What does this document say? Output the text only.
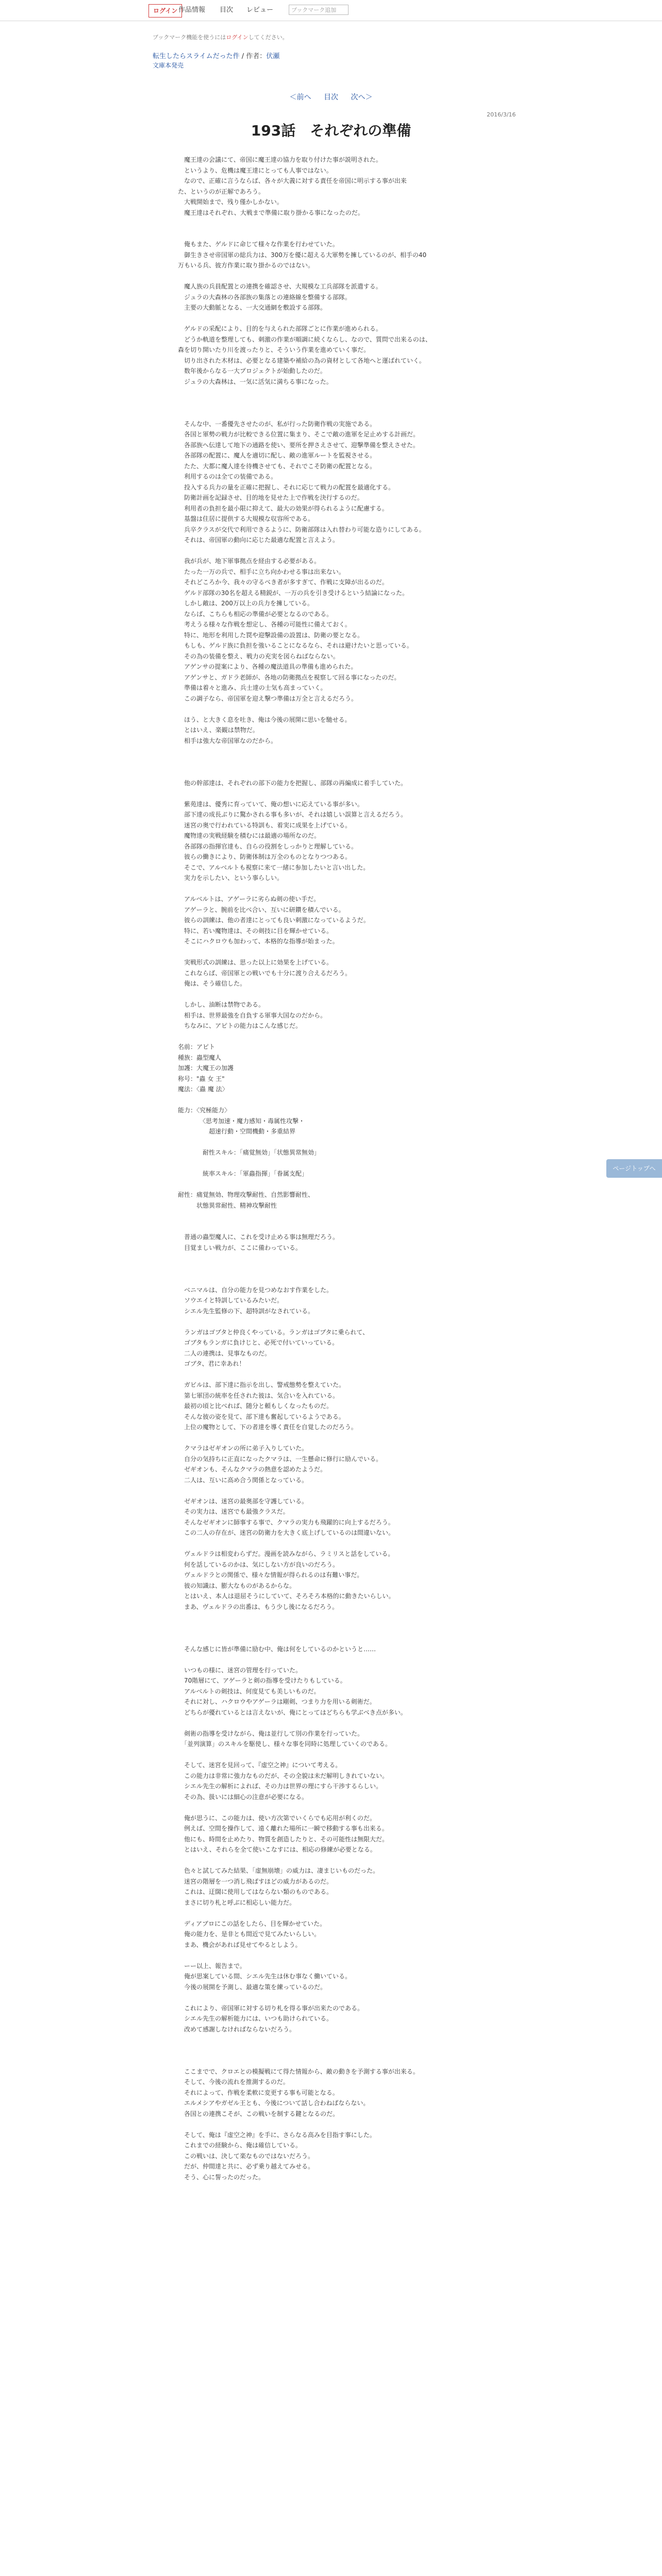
ログイン 作品情報 目次 レビュー	ブックマーク追加
ブックマーク機能を使うにはログインしてください。
転生したらスライムだった件 / 作者：伏瀬
文庫本発売
＜前へ 目次 次へ＞
2016/3/16
193話　それぞれの準備

　魔王達の会議にて、帝国に魔王達の協力を取り付けた事が説明された。

　というより、危機は魔王達にとっても人事ではない。

　なので、正確に言うならば、各々が大義に対する責任を帝国に明示する事が出来

た、というのが正解であろう。

　大戦開始まで、残り僅かしかない。

　魔王達はそれぞれ、大戦まで準備に取り掛かる事になったのだ。

　俺もまた、ゲルドに命じて様々な作業を行わせていた。

　御生きさせ帝国軍の総兵力は、300万を優に超える大軍勢を擁しているのが、相手の40

万もいる兵、彼方作業に取り掛かるのではない。

　魔人族の兵員配置との連携を確認させ、大規模な工兵部隊を派遣する。

　ジュラの大森林の各部族の集落との連絡線を整備する部隊。

　主要の大動脈となる、一大交通網を敷設する部隊。

　ゲルドの采配により、目的を与えられた部隊ごとに作業が進められる。

　どうか軌道を整理しても、刺激の作業が順調に続くならし、なので、質問で出来るのは、

森を切り開いたり川を渡ったりと、そういう作業を進めていく事だ。

　切り出された木材は、必要となる建築や補給の為の資材として各地へと運ばれていく。

　数年後からなる一大プロジェクトが始動したのだ。

　ジュラの大森林は、一気に活気に満ちる事になった。

　そんな中、一番優先させたのが、私が行った防衛作戦の実施である。

　各国と軍勢の戦力が比較できる位置に集まり、そこで敵の進軍を足止めする計画だ。

　各部族へ伝達して地下の通路を使い、要所を押さえさせて、迎撃準備を整えさせた。

　各部隊の配置に、魔人を適切に配し、敵の進軍ルートを監視させる。

　たた、大都に魔人達を待機させても、それでこそ防衛の配置となる。

　利用するのは全ての装備である。

　投入する兵力の量を正確に把握し、それに応じて戦力の配置を最適化する。

　防衛計画を記録させ、目的地を見せた上で作戦を決行するのだ。

　利用者の負担を最小限に抑えて、最大の効果が得られるように配慮する。

　基盤は住居に提供する大規模な収容所である。

　兵卒クラスが交代で利用できるように、防衛部隊は入れ替わり可能な造りにしてある。

　それは、帝国軍の動向に応じた最適な配置と言えよう。

　我が兵が、地下軍事拠点を経由する必要がある。

　たった一万の兵で、相手に立ち向かわせる事は出来ない。

　それどころか今、我々の守るべき者が多すぎて、作戦に支障が出るのだ。

　ゲルド部隊の30名を超える精鋭が、一万の兵を引き受けるという結論になった。

　しかし敵は、200万以上の兵力を擁している。

　ならば、こちらも相応の準備が必要となるのである。

　考えうる様々な作戦を想定し、各種の可能性に備えておく。

　特に、地形を利用した罠や迎撃設備の設置は、防衛の要となる。

　もしも、ゲルド族に負担を強いることになるなら、それは避けたいと思っている。

　その為の装備を整え、戦力の充実を図らねばならない。

　アゲンサの提案により、各種の魔法道具の準備も進められた。

　アゲンサと、ガドラ老師が、各地の防衛拠点を視察して回る事になったのだ。

　準備は着々と進み、兵士達の士気も高まっていく。

　この調子なら、帝国軍を迎え撃つ準備は万全と言えるだろう。

　ほう、と大きく息を吐き、俺は今後の展開に思いを馳せる。

　とはいえ、楽観は禁物だ。

　相手は強大な帝国軍なのだから。

　他の幹部達は、それぞれの部下の能力を把握し、部隊の再編成に着手していた。

　紫苑達は、優秀に育っていて、俺の想いに応えている事が多い。

　部下達の成長ぶりに驚かされる事も多いが、それは嬉しい誤算と言えるだろう。

　迷宮の奥で行われている特訓も、着実に成果を上げている。

　魔物達の実戦経験を積むには最適の場所なのだ。

　各部隊の指揮官達も、自らの役割をしっかりと理解している。

　彼らの働きにより、防衛体制は万全のものとなりつつある。

　そこで、アルベルトも視察に来て一緒に参加したいと言い出した。

　実力を示したい、という事らしい。

　アルベルトは、アゲーラに劣らぬ剣の使い手だ。

　アゲーラと、腕前を比べ合い、互いに研鑽を積んでいる。

　彼らの訓練は、他の者達にとっても良い刺激になっているようだ。

　特に、若い魔物達は、その剣技に目を輝かせている。

　そこにハクロウも加わって、本格的な指導が始まった。

　実戦形式の訓練は、思った以上に効果を上げている。

　これならば、帝国軍との戦いでも十分に渡り合えるだろう。

　俺は、そう確信した。

　しかし、油断は禁物である。

　相手は、世界最強を自負する軍事大国なのだから。

　ちなみに、アピトの能力はこんな感じだ。

名前：アピト

種族：蟲型魔人

加護：大魔王の加護

称号："蟲 女 王"

魔法：〈蟲 魔 法〉

能力：〈究極能力〉

　　　　〈思考加速・魔力感知・毒属性攻撃・

　　　　　超速行動・空間機動・多重結界

　　　　耐性スキル：「痛覚無効」「状態異常無効」

　　　　統率スキル：「軍蟲指揮」「眷属支配」

耐性：痛覚無効、物理攻撃耐性、自然影響耐性、

　　　状態異常耐性、精神攻撃耐性

　普通の蟲型魔人に、これを受け止める事は無理だろう。

　目覚ましい戦力が、ここに備わっている。

　ベニマルは、自分の能力を見つめなおす作業をした。

　ソウエイと特訓しているみたいだ。

　シエル先生監修の下、超特訓がなされている。

　ランガはゴブタと仲良くやっている。ランガはゴブタに乗られて、

　ゴブタもランガに負けじと、必死で付いていっている。

　二人の連携は、見事なものだ。

　ゴブタ、君に幸あれ！

　ガビルは、部下達に指示を出し、警戒態勢を整えていた。

　第七軍団の統率を任された彼は、気合いを入れている。

　最初の頃と比べれば、随分と頼もしくなったものだ。

　そんな彼の姿を見て、部下達も奮起しているようである。

　上位の魔物として、下の者達を導く責任を自覚したのだろう。

　クマラはゼギオンの所に弟子入りしていた。

　自分の気持ちに正直になったクマラは、一生懸命に修行に励んでいる。

　ゼギオンも、そんなクマラの熱意を認めたようだ。

　二人は、互いに高め合う関係となっている。

　ゼギオンは、迷宮の最奥部を守護している。

　その実力は、迷宮でも最強クラスだ。

　そんなゼギオンに師事する事で、クマラの実力も飛躍的に向上するだろう。

　この二人の存在が、迷宮の防衛力を大きく底上げしているのは間違いない。

　ヴェルドラは相変わらずだ。漫画を読みながら、ラミリスと話をしている。

　何を話しているのかは、気にしない方が良いのだろう。

　ヴェルドラとの関係で、様々な情報が得られるのは有難い事だ。

　彼の知識は、膨大なものがあるからな。

　とはいえ、本人は退屈そうにしていて、そろそろ本格的に動きたいらしい。

　まあ、ヴェルドラの出番は、もう少し後になるだろう。

　そんな感じに皆が準備に励む中、俺は何をしているのかというと……

　いつもの様に、迷宮の管理を行っていた。

　70階層にて、アゲーラと剣の指導を受けたりもしている。

　アルベルトの剣技は、何度見ても美しいものだ。

　それに対し、ハクロウやアゲーラは剛剣、つまり力を用いる剣術だ。

　どちらが優れているとは言えないが、俺にとってはどちらも学ぶべき点が多い。

　剣術の指導を受けながら、俺は並行して別の作業を行っていた。

　「並列演算」のスキルを駆使し、様々な事を同時に処理していくのである。

　そして、迷宮を見回って、『虚空之神』について考える。

　この能力は非常に強力なものだが、その全貌は未だ解明しきれていない。

　シエル先生の解析によれば、その力は世界の理にすら干渉するらしい。

　その為、扱いには細心の注意が必要になる。

　俺が思うに、この能力は、使い方次第でいくらでも応用が利くのだ。

　例えば、空間を操作して、遠く離れた場所に一瞬で移動する事も出来る。

　他にも、時間を止めたり、物質を創造したりと、その可能性は無限大だ。

　とはいえ、それらを全て使いこなすには、相応の修練が必要となる。

　色々と試してみた結果、「虚無崩壊」の威力は、凄まじいものだった。

　迷宮の階層を一つ消し飛ばすほどの威力があるのだ。

　これは、迂闊に使用してはならない類のものである。

　まさに切り札と呼ぶに相応しい能力だ。

　ディアブロにこの話をしたら、目を輝かせていた。

　俺の能力を、是非とも間近で見てみたいらしい。

　まあ、機会があれば見せてやるとしよう。

　ーー以上、報告まで。

　俺が思案している間、シエル先生は休む事なく働いている。

　今後の展開を予測し、最適な策を練っているのだ。

　これにより、帝国軍に対する切り札を得る事が出来たのである。

　シエル先生の解析能力には、いつも助けられている。

　改めて感謝しなければならないだろう。

　ここまでで、クロエとの模擬戦にて得た情報から、敵の動きを予測する事が出来る。

　そして、今後の流れを推測するのだ。

　それによって、作戦を柔軟に変更する事も可能となる。

　エルメシアやガゼル王とも、今後について話し合わねばならない。

　各国との連携こそが、この戦いを制する鍵となるのだ。

　そして、俺は『虚空之神』を手に、さらなる高みを目指す事にした。

　これまでの経験から、俺は確信している。

　この戦いは、決して楽なものではないだろう。

　だが、仲間達と共に、必ず乗り越えてみせる。

　そう、心に誓ったのだった。

ページトップへ
